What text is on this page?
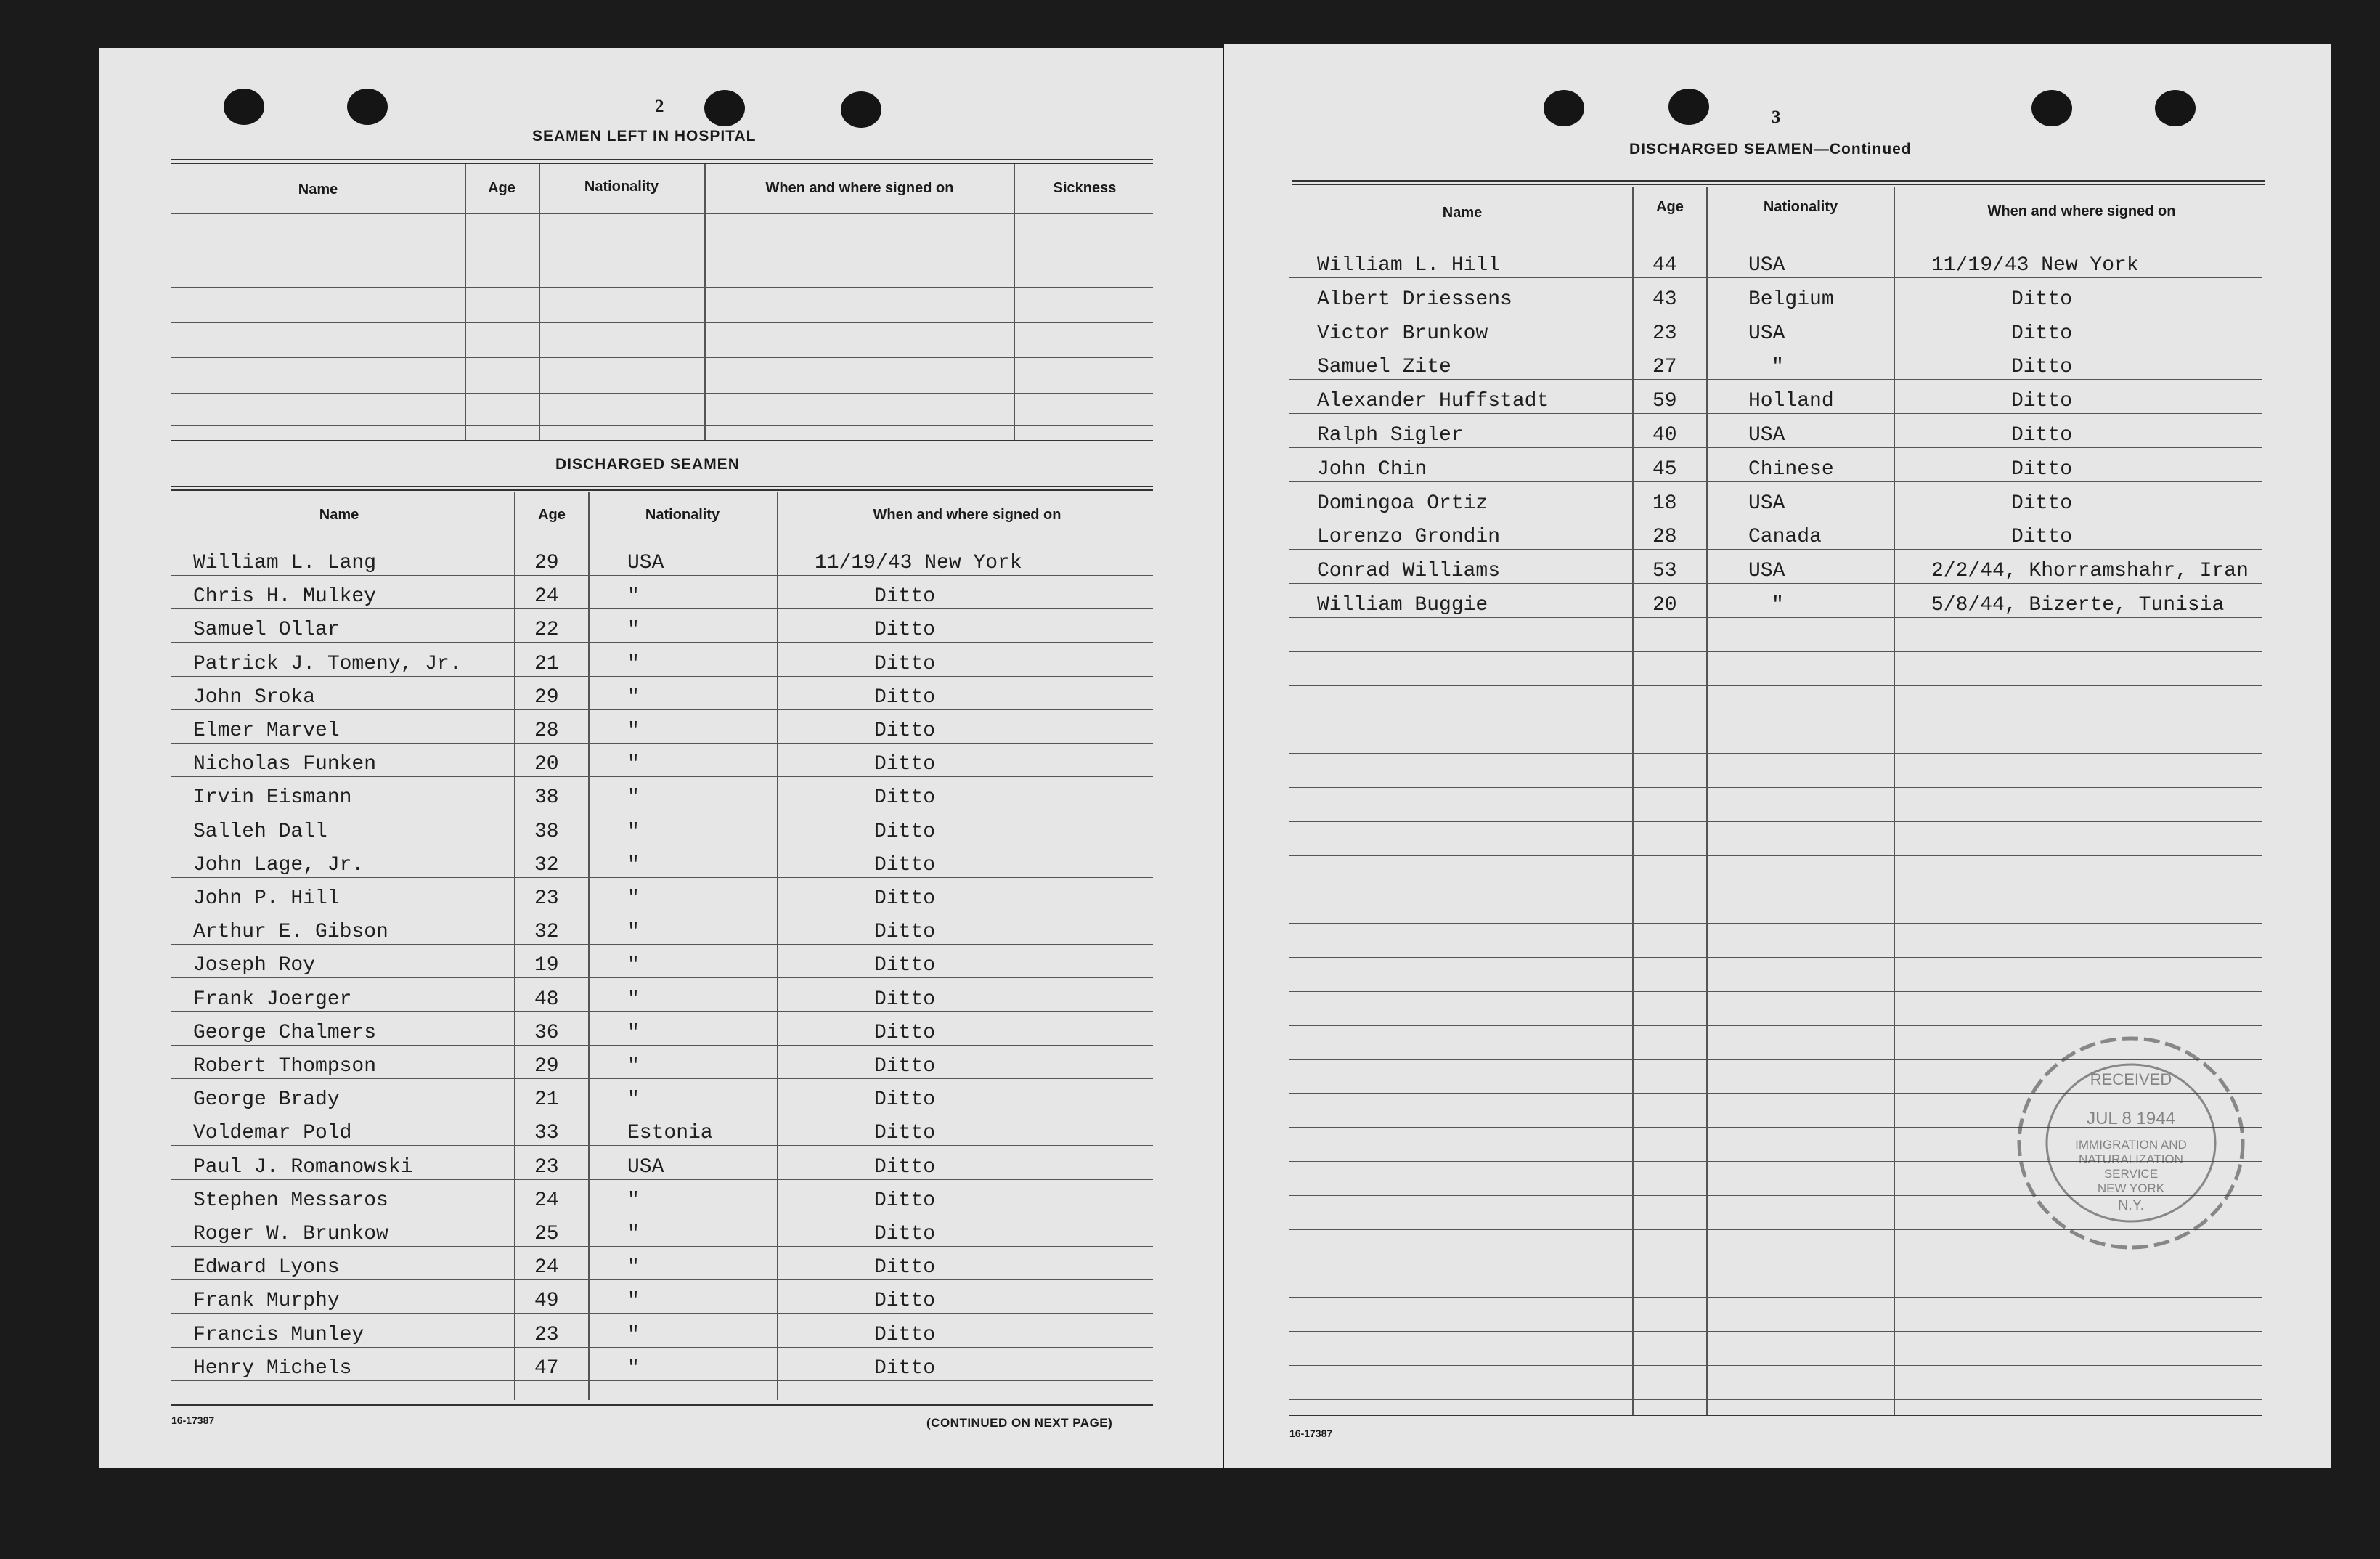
2
SEAMEN LEFT IN HOSPITAL
Name	Age	Nationality	When and where signed on	Sickness
DISCHARGED SEAMEN
Name	Age	Nationality	When and where signed on
William L. Lang	29	USA	11/19/43 New York
Chris H. Mulkey	24	"	Ditto
Samuel Ollar	22	"	Ditto
Patrick J. Tomeny, Jr.	21	"	Ditto
John Sroka	29	"	Ditto
Elmer Marvel	28	"	Ditto
Nicholas Funken	20	"	Ditto
Irvin Eismann	38	"	Ditto
Salleh Dall	38	"	Ditto
John Lage, Jr.	32	"	Ditto
John P. Hill	23	"	Ditto
Arthur E. Gibson	32	"	Ditto
Joseph Roy	19	"	Ditto
Frank Joerger	48	"	Ditto
George Chalmers	36	"	Ditto
Robert Thompson	29	"	Ditto
George Brady	21	"	Ditto
Voldemar Pold	33	Estonia	Ditto
Paul J. Romanowski	23	USA	Ditto
Stephen Messaros	24	"	Ditto
Roger W. Brunkow	25	"	Ditto
Edward Lyons	24	"	Ditto
Frank Murphy	49	"	Ditto
Francis Munley	23	"	Ditto
Henry Michels	47	"	Ditto
16-17387	(CONTINUED ON NEXT PAGE)
3
DISCHARGED SEAMEN—Continued
Name	Age	Nationality	When and where signed on
William L. Hill	44	USA	11/19/43 New York
Albert Driessens	43	Belgium	Ditto
Victor Brunkow	23	USA	Ditto
Samuel Zite	27	"	Ditto
Alexander Huffstadt	59	Holland	Ditto
Ralph Sigler	40	USA	Ditto
John Chin	45	Chinese	Ditto
Domingoa Ortiz	18	USA	Ditto
Lorenzo Grondin	28	Canada	Ditto
Conrad Williams	53	USA	2/2/44, Khorramshahr, Iran
William Buggie	20	"	5/8/44, Bizerte, Tunisia
16-17387
RECEIVED
JUL 8 1944
IMMIGRATION AND
NATURALIZATION
SERVICE
NEW YORK
N.Y.
